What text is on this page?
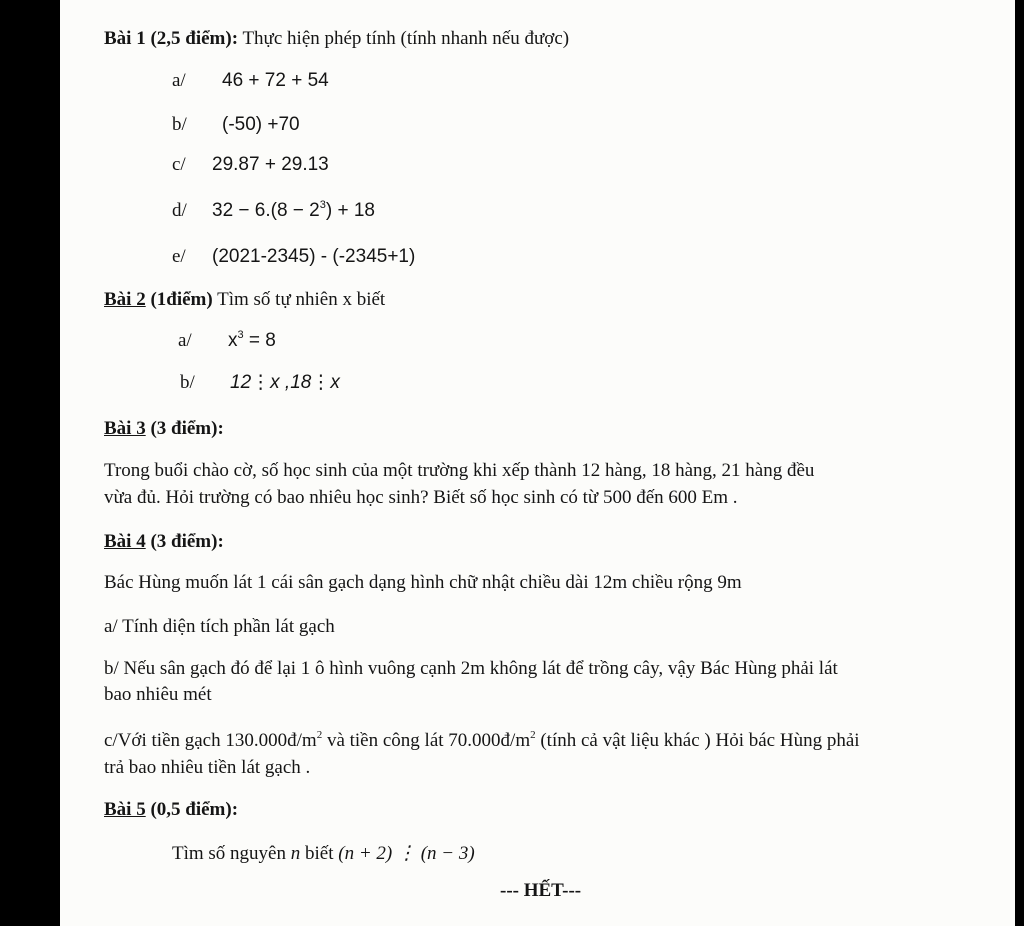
Bài 1 (2,5 điểm): Thực hiện phép tính (tính nhanh nếu được)
a/ 46 + 72 + 54
b/ (-50) +70
c/ 29.87 + 29.13
d/ $32 - 6.(8 - 2^3) + 18$
e/ (2021-2345) - (-2345+1)
Bài 2 (1điểm) Tìm số tự nhiên x biết
a/ $x^3 = 8$
b/ 12⋮x ,18⋮x
Bài 3 (3 điểm):
Trong buổi chào cờ, số học sinh của một trường khi xếp thành 12 hàng, 18 hàng, 21 hàng đều
vừa đủ. Hỏi trường có bao nhiêu học sinh? Biết số học sinh có từ 500 đến 600 Em .
Bài 4 (3 điểm):
Bác Hùng muốn lát 1 cái sân gạch dạng hình chữ nhật chiều dài 12m chiều rộng 9m
a/ Tính diện tích phần lát gạch
b/ Nếu sân gạch đó để lại 1 ô hình vuông cạnh 2m không lát để trồng cây, vậy Bác Hùng phải lát
bao nhiêu mét
c/Với tiền gạch $130.000đ/m^2$ và tiền công lát $70.000đ/m^2$ (tính cả vật liệu khác ) Hỏi bác Hùng phải
trả bao nhiêu tiền lát gạch .
Bài 5 (0,5 điểm):
Tìm số nguyên n biết (n + 2) ⋮ (n − 3)
--- HẾT---
